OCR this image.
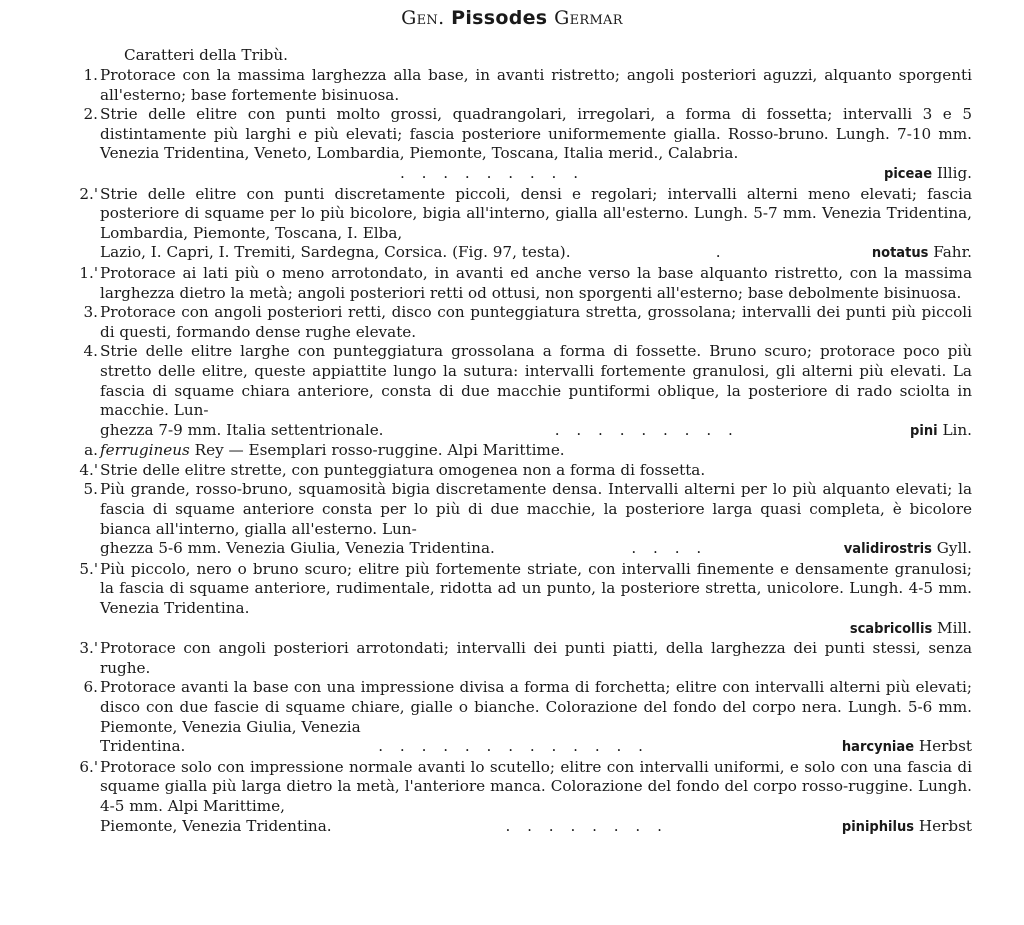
Gen. Pissodes Germar
Caratteri della Tribù.
1. Protorace con la massima larghezza alla base, in avanti ristretto; angoli posteriori aguzzi, alquanto sporgenti all'esterno; base fortemente bisinuosa.
2. Strie delle elitre con punti molto grossi, quadrangolari, irregolari, a forma di fossetta; intervalli 3 e 5 distintamente più larghi e più elevati; fascia posteriore uniformemente gialla. Rosso-bruno. Lungh. 7-10 mm. Venezia Tridentina, Veneto, Lombardia, Piemonte, Toscana, Italia merid., Calabria.
. . . . . . . . .	piceae Illig.
2.' Strie delle elitre con punti discretamente piccoli, densi e regolari; intervalli alterni meno elevati; fascia posteriore di squame per lo più bicolore, bigia all'interno, gialla all'esterno. Lungh. 5-7 mm. Venezia Tridentina, Lombardia, Piemonte, Toscana, I. Elba,
Lazio, I. Capri, I. Tremiti, Sardegna, Corsica. (Fig. 97, testa).	.	notatus Fahr.
1.' Protorace ai lati più o meno arrotondato, in avanti ed anche verso la base alquanto ristretto, con la massima larghezza dietro la metà; angoli posteriori retti od ottusi, non sporgenti all'esterno; base debolmente bisinuosa.
3. Protorace con angoli posteriori retti, disco con punteggiatura stretta, grossolana; intervalli dei punti più piccoli di questi, formando dense rughe elevate.
4. Strie delle elitre larghe con punteggiatura grossolana a forma di fossette. Bruno scuro; protorace poco più stretto delle elitre, queste appiattite lungo la sutura: intervalli fortemente granulosi, gli alterni più elevati. La fascia di squame chiara anteriore, consta di due macchie puntiformi oblique, la posteriore di rado sciolta in macchie. Lun-
ghezza 7-9 mm. Italia settentrionale.	. . . . . . . . .	pini Lin.
a. ferrugineus Rey — Esemplari rosso-ruggine. Alpi Marittime.
4.' Strie delle elitre strette, con punteggiatura omogenea non a forma di fossetta.
5. Più grande, rosso-bruno, squamosità bigia discretamente densa. Intervalli alterni per lo più alquanto elevati; la fascia di squame anteriore consta per lo più di due macchie, la posteriore larga quasi completa, è bicolore bianca all'interno, gialla all'esterno. Lun-
ghezza 5-6 mm. Venezia Giulia, Venezia Tridentina.	. . . .	validirostris Gyll.
5.' Più piccolo, nero o bruno scuro; elitre più fortemente striate, con intervalli finemente e densamente granulosi; la fascia di squame anteriore, rudimentale, ridotta ad un punto, la posteriore stretta, unicolore. Lungh. 4-5 mm. Venezia Tridentina.
scabricollis Mill.
3.' Protorace con angoli posteriori arrotondati; intervalli dei punti piatti, della larghezza dei punti stessi, senza rughe.
6. Protorace avanti la base con una impressione divisa a forma di forchetta; elitre con intervalli alterni più elevati; disco con due fascie di squame chiare, gialle o bianche. Colorazione del fondo del corpo nera. Lungh. 5-6 mm. Piemonte, Venezia Giulia, Venezia
Tridentina.	. . . . . . . . . . . . .	harcyniae Herbst
6.' Protorace solo con impressione normale avanti lo scutello; elitre con intervalli uniformi, e solo con una fascia di squame gialla più larga dietro la metà, l'anteriore manca. Colorazione del fondo del corpo rosso-ruggine. Lungh. 4-5 mm. Alpi Marittime,
Piemonte, Venezia Tridentina.	. . . . . . . .	piniphilus Herbst
